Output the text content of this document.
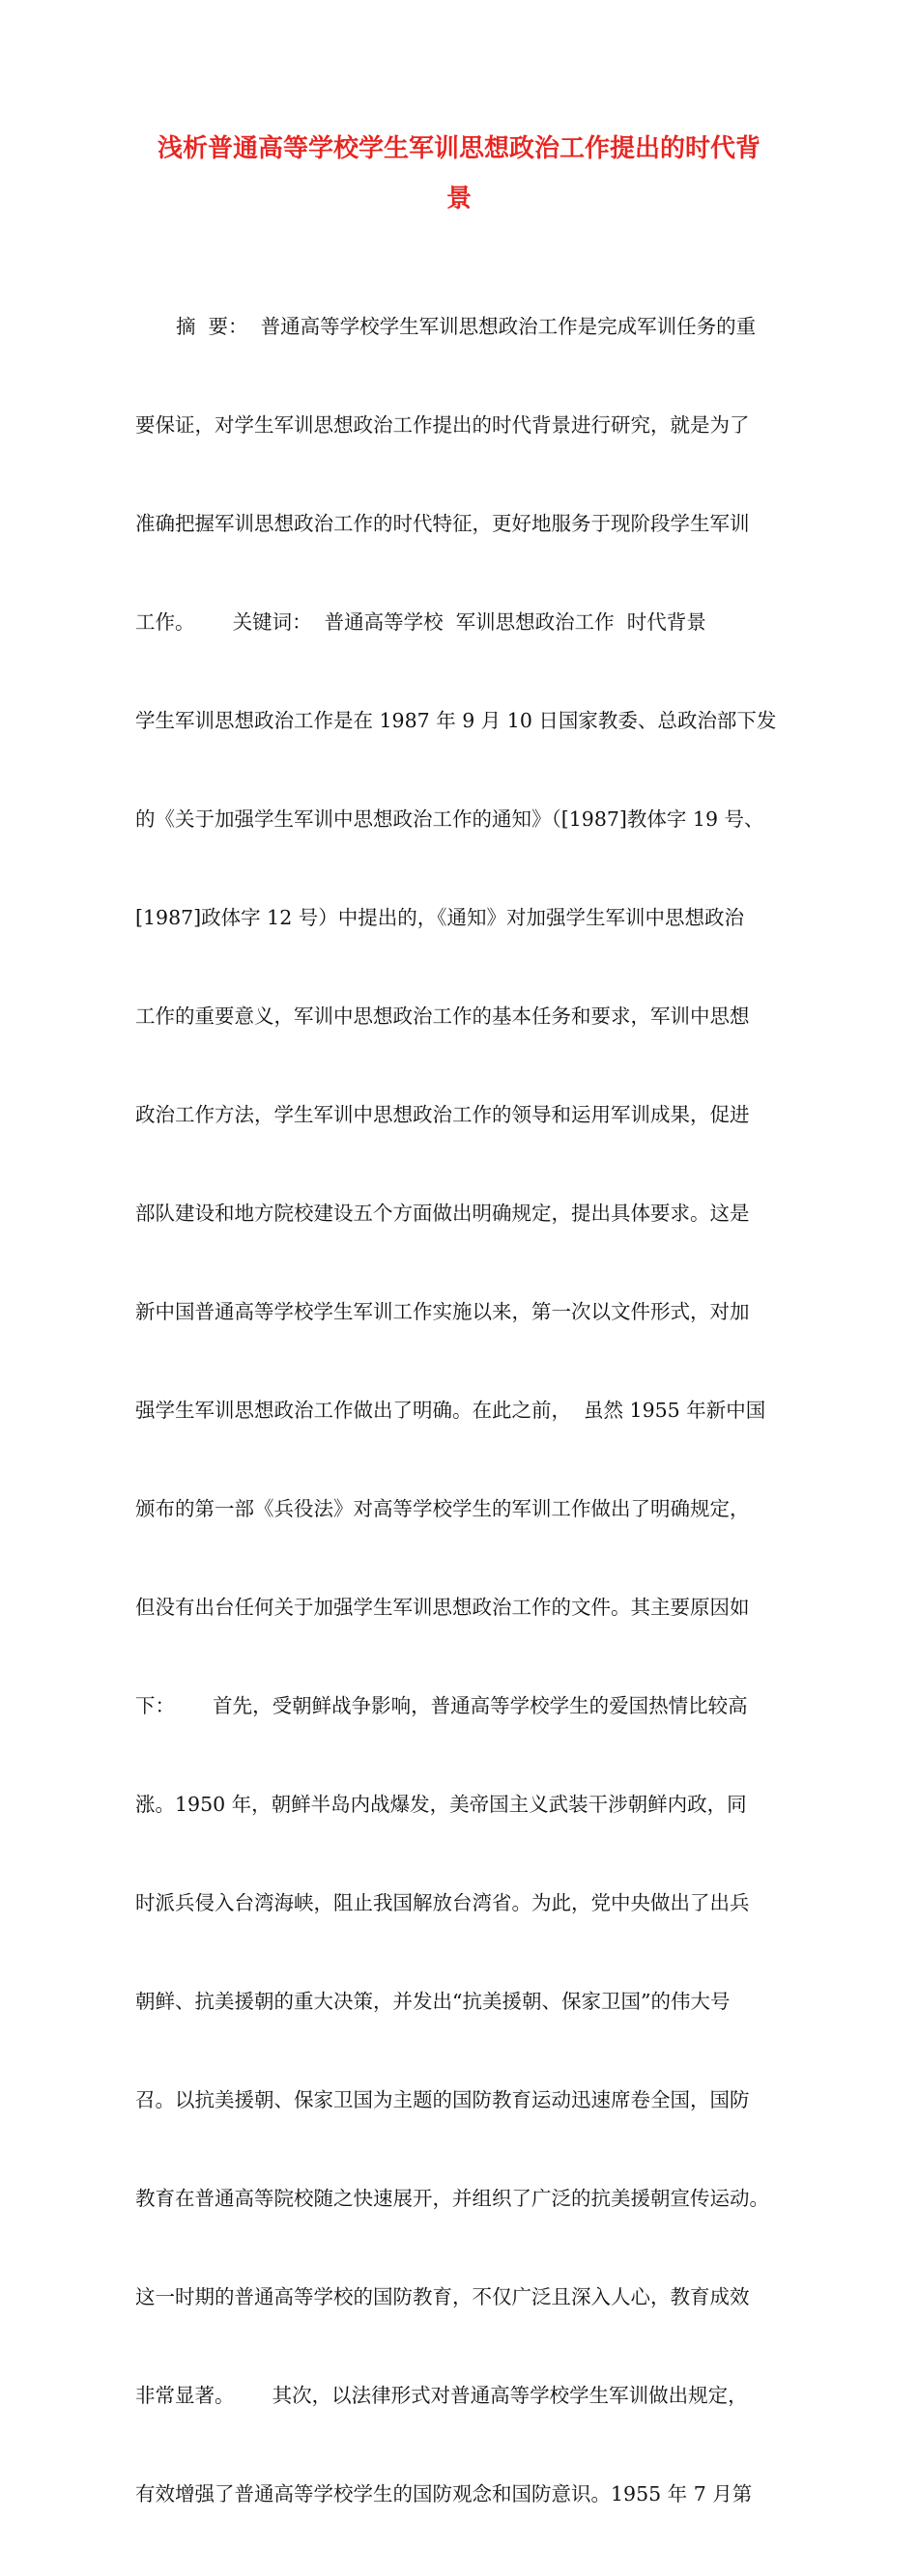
浅析普通高等学校学生军训思想政治工作提出的时代背
景

摘  要：  普通高等学校学生军训思想政治工作是完成军训任务的重

要保证，对学生军训思想政治工作提出的时代背景进行研究，就是为了

准确把握军训思想政治工作的时代特征，更好地服务于现阶段学生军训

工作。      关键词：  普通高等学校  军训思想政治工作  时代背景

学生军训思想政治工作是在 1987 年 9 月 10 日国家教委、总政治部下发

的《关于加强学生军训中思想政治工作的通知》（[1987]教体字 19 号、

[1987]政体字 12 号）中提出的，《通知》对加强学生军训中思想政治

工作的重要意义，军训中思想政治工作的基本任务和要求，军训中思想

政治工作方法，学生军训中思想政治工作的领导和运用军训成果，促进

部队建设和地方院校建设五个方面做出明确规定，提出具体要求。这是

新中国普通高等学校学生军训工作实施以来，第一次以文件形式，对加

强学生军训思想政治工作做出了明确。在此之前，  虽然 1955 年新中国

颁布的第一部《兵役法》对高等学校学生的军训工作做出了明确规定，

但没有出台任何关于加强学生军训思想政治工作的文件。其主要原因如

下：      首先，受朝鲜战争影响，普通高等学校学生的爱国热情比较高

涨。1950 年，朝鲜半岛内战爆发，美帝国主义武装干涉朝鲜内政，同

时派兵侵入台湾海峡，阻止我国解放台湾省。为此，党中央做出了出兵

朝鲜、抗美援朝的重大决策，并发出“抗美援朝、保家卫国”的伟大号

召。以抗美援朝、保家卫国为主题的国防教育运动迅速席卷全国，国防

教育在普通高等院校随之快速展开，并组织了广泛的抗美援朝宣传运动。

这一时期的普通高等学校的国防教育，不仅广泛且深入人心，教育成效

非常显著。      其次，以法律形式对普通高等学校学生军训做出规定，

有效增强了普通高等学校学生的国防观念和国防意识。1955 年 7 月第
